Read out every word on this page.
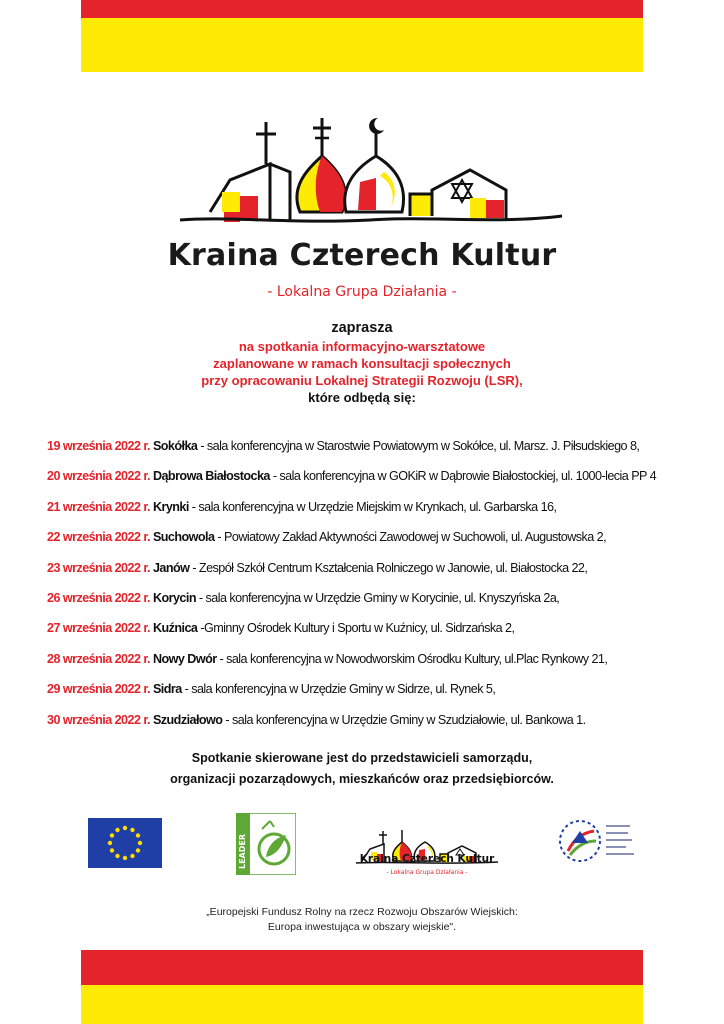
Kraina Czterech Kultur
- Lokalna Grupa Działania -
zaprasza
na spotkania informacyjno-warsztatowe
zaplanowane w ramach konsultacji społecznych
przy opracowaniu Lokalnej Strategii Rozwoju (LSR),
które odbędą się:
19 września 2022 r. Sokółka - sala konferencyjna w Starostwie Powiatowym w Sokółce, ul. Marsz. J. Piłsudskiego 8,
20 września 2022 r. Dąbrowa Białostocka - sala konferencyjna w GOKiR w Dąbrowie Białostockiej, ul. 1000-lecia PP 4
21 września 2022 r. Krynki - sala konferencyjna w Urzędzie Miejskim w Krynkach, ul. Garbarska 16,
22 września 2022 r. Suchowola - Powiatowy Zakład Aktywności Zawodowej w Suchowoli, ul. Augustowska 2,
23 września 2022 r. Janów - Zespół Szkół Centrum Kształcenia Rolniczego w Janowie, ul. Białostocka 22,
26 września 2022 r. Korycin - sala konferencyjna w Urzędzie Gminy w Korycinie, ul. Knyszyńska 2a,
27 września 2022 r. Kuźnica -Gminny Ośrodek Kultury i Sportu w Kuźnicy, ul. Sidrzańska 2,
28 września 2022 r. Nowy Dwór - sala konferencyjna w Nowodworskim Ośrodku Kultury, ul.Plac Rynkowy 21,
29 września 2022 r. Sidra - sala konferencyjna w Urzędzie Gminy w Sidrze, ul. Rynek 5,
30 września 2022 r. Szudziałowo - sala konferencyjna w Urzędzie Gminy w Szudziałowie, ul. Bankowa 1.
Spotkanie skierowane jest do przedstawicieli samorządu,
organizacji pozarządowych, mieszkańców oraz przedsiębiorców.
LEADER	Kraina Czterech Kultur
- Lokalna Grupa Działania -
„Europejski Fundusz Rolny na rzecz Rozwoju Obszarów Wiejskich:
Europa inwestująca w obszary wiejskie".
